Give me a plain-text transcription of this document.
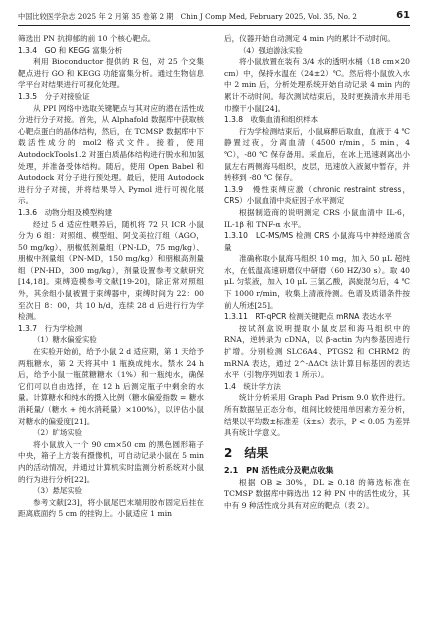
中国比较医学杂志 2025 年 2 月第 35 卷第 2 期　Chin J Comp Med, February 2025, Vol. 35, No. 2	61
筛选出 PN 抗抑郁的前 10 个核心靶点。
1.3.4　GO 和 KEGG 富集分析
利用 Bioconductor 提供的 R 包，对 25 个交集靶点进行 GO 和 KEGG 功能富集分析。通过生物信息学平台对结果进行可视化处理。
1.3.5　分子对接验证
从 PPI 网络中选取关键靶点与其对应的潜在活性成分进行分子对接。首先，从 Alphafold 数据库中获取核心靶点蛋白的晶体结构，然后，在 TCMSP 数据库中下载活性成分的 mol2 格式文件。接着，使用 AutodockTools1.2 对蛋白质晶体结构进行脱水和加氢处理，并准备受体结构。随后，使用 Open Babel 和 Autodock 对分子进行预处理。最后，使用 Autodock 进行分子对接，并将结果导入 Pymol 进行可视化展示。
1.3.6　动物分组及模型构建
经过 5 d 适应性喂养后，随机将 72 只 ICR 小鼠分为 6 组：对照组、模型组、阿戈美拉汀组（AGO，50 mg/kg）、朋椒低剂量组（PN-LD，75 mg/kg）、朋椒中剂量组（PN-MD，150 mg/kg）和朋椒高剂量组（PN-HD，300 mg/kg），剂量设置参考文献研究[14,18]。束缚造模参考文献[19-20]，除正常对照组外，其余组小鼠被置于束缚器中，束缚时间为 22：00 至次日 8：00，共 10 h/d，连续 28 d 后进行行为学检测。
1.3.7　行为学检测
（1）糖水偏爱实验
在实验开始前，给予小鼠 2 d 适应期，第 1 天给予两瓶糖水，第 2 天将其中 1 瓶换成纯水。禁水 24 h 后，给予小鼠一瓶蔗糖糖水（1%）和一瓶纯水，确保它们可以自由选择，在 12 h 后测定瓶子中剩余的水量。计算糖水和纯水的摄入比例（糖水偏爱指数 = 糖水消耗量/（糖水 + 纯水消耗量）×100%），以评估小鼠对糖水的偏爱度[21]。
（2）旷场实验
将小鼠放入一个 90 cm×50 cm 的黑色圆形箱子中央，箱子上方装有摄像机，可自动记录小鼠在 5 min 内的活动情况，并通过计算机实时监测分析系统对小鼠的行为进行分析[22]。
（3）悬尾实验
参考文献[23]，将小鼠尾巴末端用胶布固定后挂在距离底面约 5 cm 的挂钩上。小鼠适应 1 min
后，仪器开始自动测定 4 min 内的累计不动时间。
（4）强迫游泳实验
将小鼠放置在装有 3/4 水的透明水桶（18 cm×20 cm）中，保持水温在（24±2）℃。然后将小鼠放入水中 2 min 后，分析处理系统开始自动记录 4 min 内的累计不动时间。每次测试结束后，及时更换清水并用毛巾擦干小鼠[24]。
1.3.8　收集血清和组织样本
行为学检测结束后，小鼠麻醉后取血，血液于 4 ℃ 静置过夜，分离血清（4500 r/min，5 min，4 ℃），-80 ℃ 保存备用。采血后，在冰上迅速剥离出小鼠左右两侧海马组织，皮层，迅速放入液氮中暂存，并转移到 -80 ℃ 保存。
1.3.9　慢性束缚应激（chronic restraint stress，CRS）小鼠血清中炎症因子水平测定
根据制造商的说明测定 CRS 小鼠血清中 IL-6，IL-1β 和 TNF-α 水平。
1.3.10　LC-MS/MS 检测 CRS 小鼠海马中神经递质含量
准确称取小鼠海马组织 10 mg，加入 50 μL 超纯水，在低温高速研磨仪中研磨（60 HZ/30 s）。取 40 μL 匀浆液，加入 10 μL 三氯乙酸，涡旋混匀后，4 ℃ 下 1000 r/min，收集上清液待测。色谱及质谱条件按前人所述[25]。
1.3.11　RT-qPCR 检测关键靶点 mRNA 表达水平
按试剂盒说明提取小鼠皮层和海马组织中的 RNA，逆转录为 cDNA，以 β-actin 为内参基因进行扩增。分别检测 SLC6A4、PTGS2 和 CHRM2 的 mRNA 表达，通过 2^-ΔΔCt 法计算目标基因的表达水平（引物序列如表 1 所示）。
1.4　统计学方法
统计分析采用 Graph Pad Prism 9.0 软件进行。所有数据呈正态分布，组间比较使用单因素方差分析，结果以平均数±标准差（x̄±s）表示，P < 0.05 为差异具有统计学意义。
2　结果
2.1　PN 活性成分及靶点收集
根据 OB ≥ 30%，DL ≥ 0.18 的筛选标准在 TCMSP 数据库中筛选出 12 种 PN 中的活性成分，其中有 9 种活性成分具有对应的靶点（表 2）。
